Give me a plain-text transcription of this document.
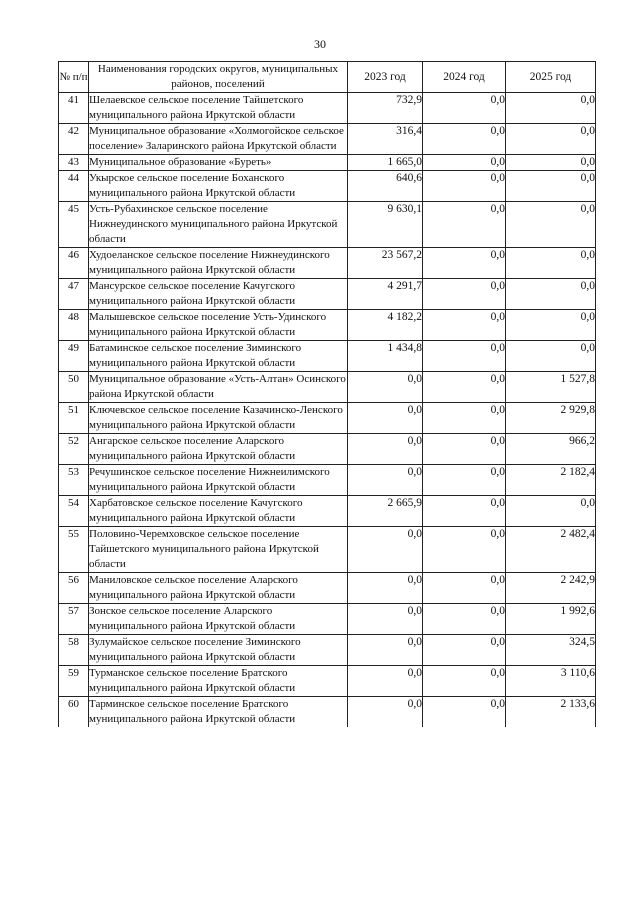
30
№ п/п	Наименования городских округов, муниципальных районов, поселений	2023 год	2024 год	2025 год
41	Шелаевское сельское поселение Тайшетского муниципального района Иркутской области	732,9	0,0	0,0
42	Муниципальное образование «Холмогойское сельское поселение» Заларинского района Иркутской области	316,4	0,0	0,0
43	Муниципальное образование «Буреть»	1 665,0	0,0	0,0
44	Укырское сельское поселение Боханского муниципального района Иркутской области	640,6	0,0	0,0
45	Усть-Рубахинское сельское поселение Нижнеудинского муниципального района Иркутской области	9 630,1	0,0	0,0
46	Худоеланское сельское поселение Нижнеудинского муниципального района Иркутской области	23 567,2	0,0	0,0
47	Мансурское сельское поселение Качугского муниципального района Иркутской области	4 291,7	0,0	0,0
48	Малышевское сельское поселение Усть-Удинского муниципального района Иркутской области	4 182,2	0,0	0,0
49	Батаминское сельское поселение Зиминского муниципального района Иркутской области	1 434,8	0,0	0,0
50	Муниципальное образование «Усть-Алтан» Осинского района Иркутской области	0,0	0,0	1 527,8
51	Ключевское сельское поселение Казачинско-Ленского муниципального района Иркутской области	0,0	0,0	2 929,8
52	Ангарское сельское поселение Аларского муниципального района Иркутской области	0,0	0,0	966,2
53	Речушинское сельское поселение Нижнеилимского муниципального района Иркутской области	0,0	0,0	2 182,4
54	Харбатовское сельское поселение Качугского муниципального района Иркутской области	2 665,9	0,0	0,0
55	Половино-Черемховское сельское поселение Тайшетского муниципального района Иркутской области	0,0	0,0	2 482,4
56	Маниловское сельское поселение Аларского муниципального района Иркутской области	0,0	0,0	2 242,9
57	Зонское сельское поселение Аларского муниципального района Иркутской области	0,0	0,0	1 992,6
58	Зулумайское сельское поселение Зиминского муниципального района Иркутской области	0,0	0,0	324,5
59	Турманское сельское поселение Братского муниципального района Иркутской области	0,0	0,0	3 110,6
60	Тарминское сельское поселение Братского муниципального района Иркутской области	0,0	0,0	2 133,6
